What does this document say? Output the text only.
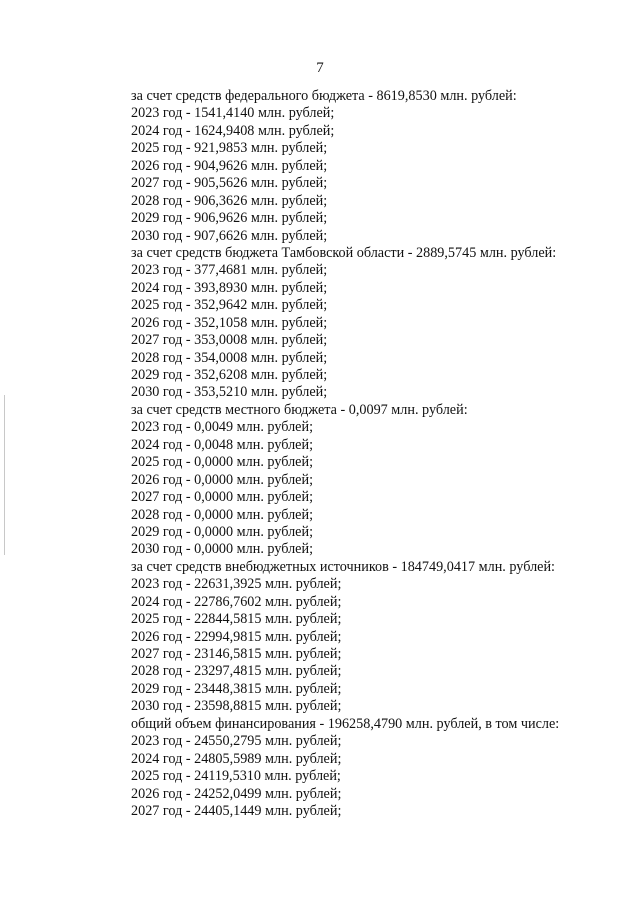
7
за счет средств федерального бюджета - 8619,8530 млн. рублей:
2023 год - 1541,4140 млн. рублей;
2024 год - 1624,9408 млн. рублей;
2025 год - 921,9853 млн. рублей;
2026 год - 904,9626 млн. рублей;
2027 год - 905,5626 млн. рублей;
2028 год - 906,3626 млн. рублей;
2029 год - 906,9626 млн. рублей;
2030 год - 907,6626 млн. рублей;
за счет средств бюджета Тамбовской области - 2889,5745 млн. рублей:
2023 год - 377,4681 млн. рублей;
2024 год - 393,8930 млн. рублей;
2025 год - 352,9642 млн. рублей;
2026 год - 352,1058 млн. рублей;
2027 год - 353,0008 млн. рублей;
2028 год - 354,0008 млн. рублей;
2029 год - 352,6208 млн. рублей;
2030 год - 353,5210 млн. рублей;
за счет средств местного бюджета - 0,0097 млн. рублей:
2023 год - 0,0049 млн. рублей;
2024 год - 0,0048 млн. рублей;
2025 год - 0,0000 млн. рублей;
2026 год - 0,0000 млн. рублей;
2027 год - 0,0000 млн. рублей;
2028 год - 0,0000 млн. рублей;
2029 год - 0,0000 млн. рублей;
2030 год - 0,0000 млн. рублей;
за счет средств внебюджетных источников - 184749,0417 млн. рублей:
2023 год - 22631,3925 млн. рублей;
2024 год - 22786,7602 млн. рублей;
2025 год - 22844,5815 млн. рублей;
2026 год - 22994,9815 млн. рублей;
2027 год - 23146,5815 млн. рублей;
2028 год - 23297,4815 млн. рублей;
2029 год - 23448,3815 млн. рублей;
2030 год - 23598,8815 млн. рублей;
общий объем финансирования - 196258,4790 млн. рублей, в том числе:
2023 год - 24550,2795 млн. рублей;
2024 год - 24805,5989 млн. рублей;
2025 год - 24119,5310 млн. рублей;
2026 год - 24252,0499 млн. рублей;
2027 год - 24405,1449 млн. рублей;
